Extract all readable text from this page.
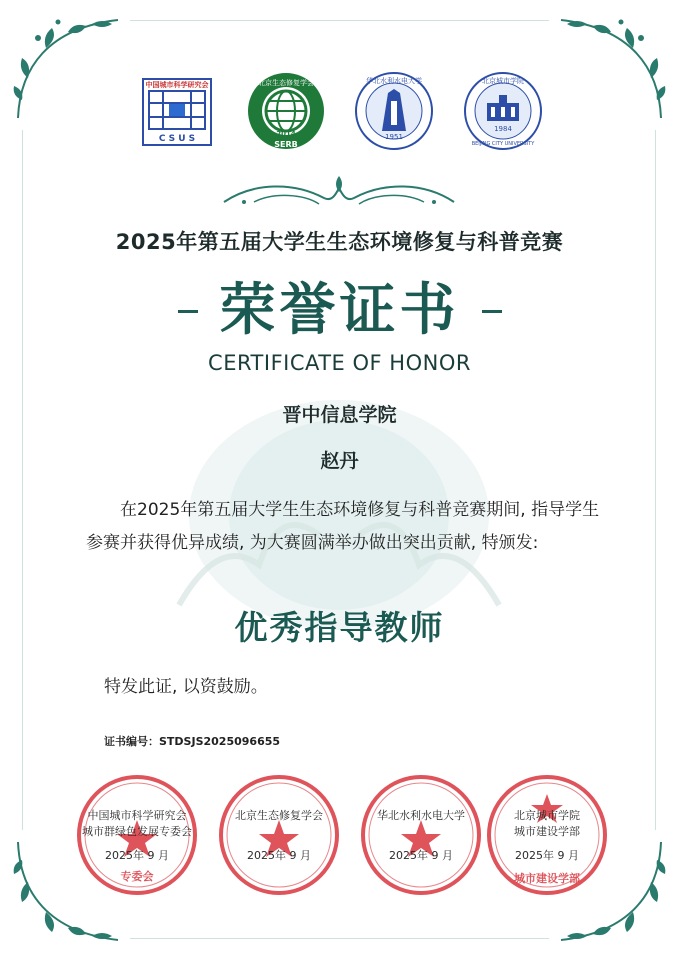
中国城市科学研究会
C S U S
北京生态修复学会
2014
SERB
华北水利水电大学
1951
北京城市学院
1984
BEIJING CITY UNIVERSITY
2025年第五届大学生生态环境修复与科普竞赛
荣誉证书
CERTIFICATE OF HONOR
晋中信息学院
赵丹
在2025年第五届大学生生态环境修复与科普竞赛期间, 指导学生参赛并获得优异成绩, 为大赛圆满举办做出突出贡献, 特颁发:
优秀指导教师
特发此证, 以资鼓励。
证书编号：STDSJS2025096655
专委会
中国城市科学研究会
城市群绿色发展专委会
2025年 9 月
北京生态修复学会
2025年 9 月
华北水利水电大学
2025年 9 月
城市建设学部
北京城市学院
城市建设学部
2025年 9 月
